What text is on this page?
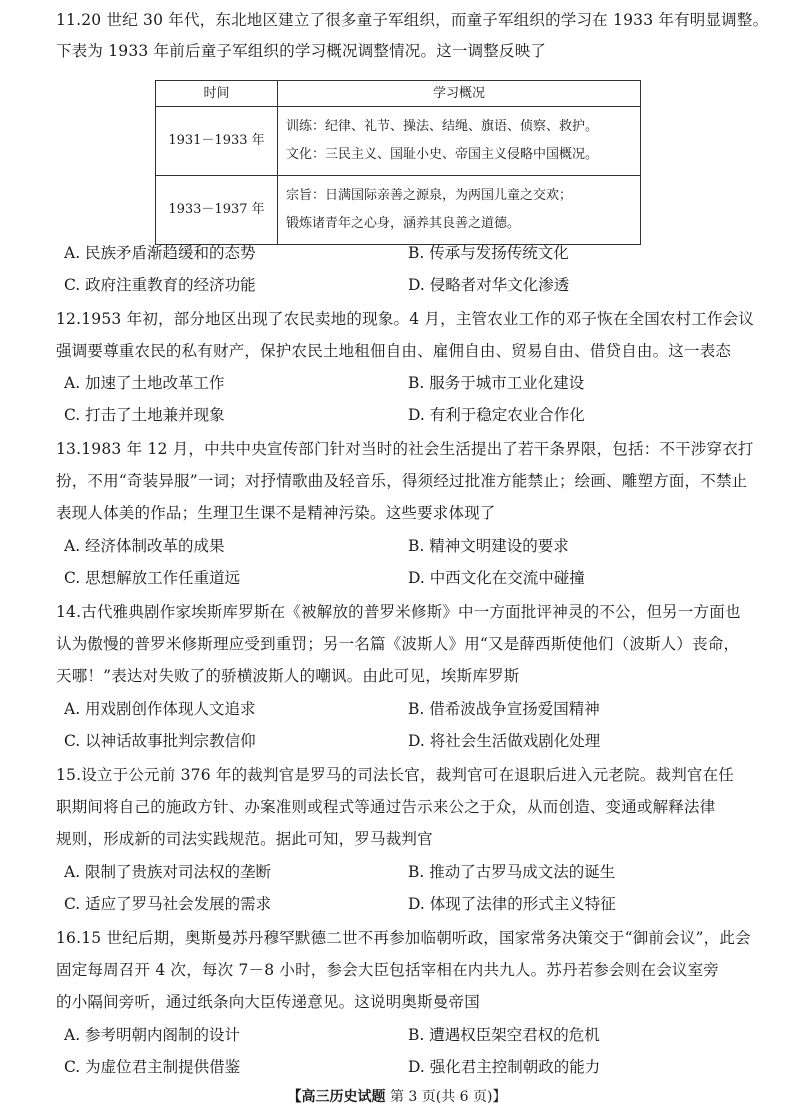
11.20 世纪 30 年代，东北地区建立了很多童子军组织，而童子军组织的学习在 1933 年有明显调整。
下表为 1933 年前后童子军组织的学习概况调整情况。这一调整反映了
时间	学习概况
1931－1933 年	训练：纪律、礼节、操法、结绳、旗语、侦察、救护。
文化：三民主义、国耻小史、帝国主义侵略中国概况。

1933－1937 年	宗旨：日满国际亲善之源泉，为两国儿童之交欢；
锻炼诸青年之心身，涵养其良善之道德。
A. 民族矛盾渐趋缓和的态势	B. 传承与发扬传统文化
C. 政府注重教育的经济功能	D. 侵略者对华文化渗透
12.1953 年初，部分地区出现了农民卖地的现象。4 月，主管农业工作的邓子恢在全国农村工作会议
强调要尊重农民的私有财产，保护农民土地租佃自由、雇佣自由、贸易自由、借贷自由。这一表态
A. 加速了土地改革工作	B. 服务于城市工业化建设
C. 打击了土地兼并现象	D. 有利于稳定农业合作化
13.1983 年 12 月，中共中央宣传部门针对当时的社会生活提出了若干条界限，包括：不干涉穿衣打
扮，不用“奇装异服”一词；对抒情歌曲及轻音乐，得须经过批准方能禁止；绘画、雕塑方面，不禁止
表现人体美的作品；生理卫生课不是精神污染。这些要求体现了
A. 经济体制改革的成果	B. 精神文明建设的要求
C. 思想解放工作任重道远	D. 中西文化在交流中碰撞
14.古代雅典剧作家埃斯库罗斯在《被解放的普罗米修斯》中一方面批评神灵的不公，但另一方面也
认为傲慢的普罗米修斯理应受到重罚；另一名篇《波斯人》用“又是薛西斯使他们（波斯人）丧命，
天哪！”表达对失败了的骄横波斯人的嘲讽。由此可见，埃斯库罗斯
A. 用戏剧创作体现人文追求	B. 借希波战争宣扬爱国精神
C. 以神话故事批判宗教信仰	D. 将社会生活做戏剧化处理
15.设立于公元前 376 年的裁判官是罗马的司法长官，裁判官可在退职后进入元老院。裁判官在任
职期间将自己的施政方针、办案准则或程式等通过告示来公之于众，从而创造、变通或解释法律
规则，形成新的司法实践规范。据此可知，罗马裁判官
A. 限制了贵族对司法权的垄断	B. 推动了古罗马成文法的诞生
C. 适应了罗马社会发展的需求	D. 体现了法律的形式主义特征
16.15 世纪后期，奥斯曼苏丹穆罕默德二世不再参加临朝听政，国家常务决策交于“御前会议”，此会
固定每周召开 4 次，每次 7－8 小时，参会大臣包括宰相在内共九人。苏丹若参会则在会议室旁
的小隔间旁听，通过纸条向大臣传递意见。这说明奥斯曼帝国
A. 参考明朝内阁制的设计	B. 遭遇权臣架空君权的危机
C. 为虚位君主制提供借鉴	D. 强化君主控制朝政的能力
【高三历史试题 第 3 页(共 6 页)】
